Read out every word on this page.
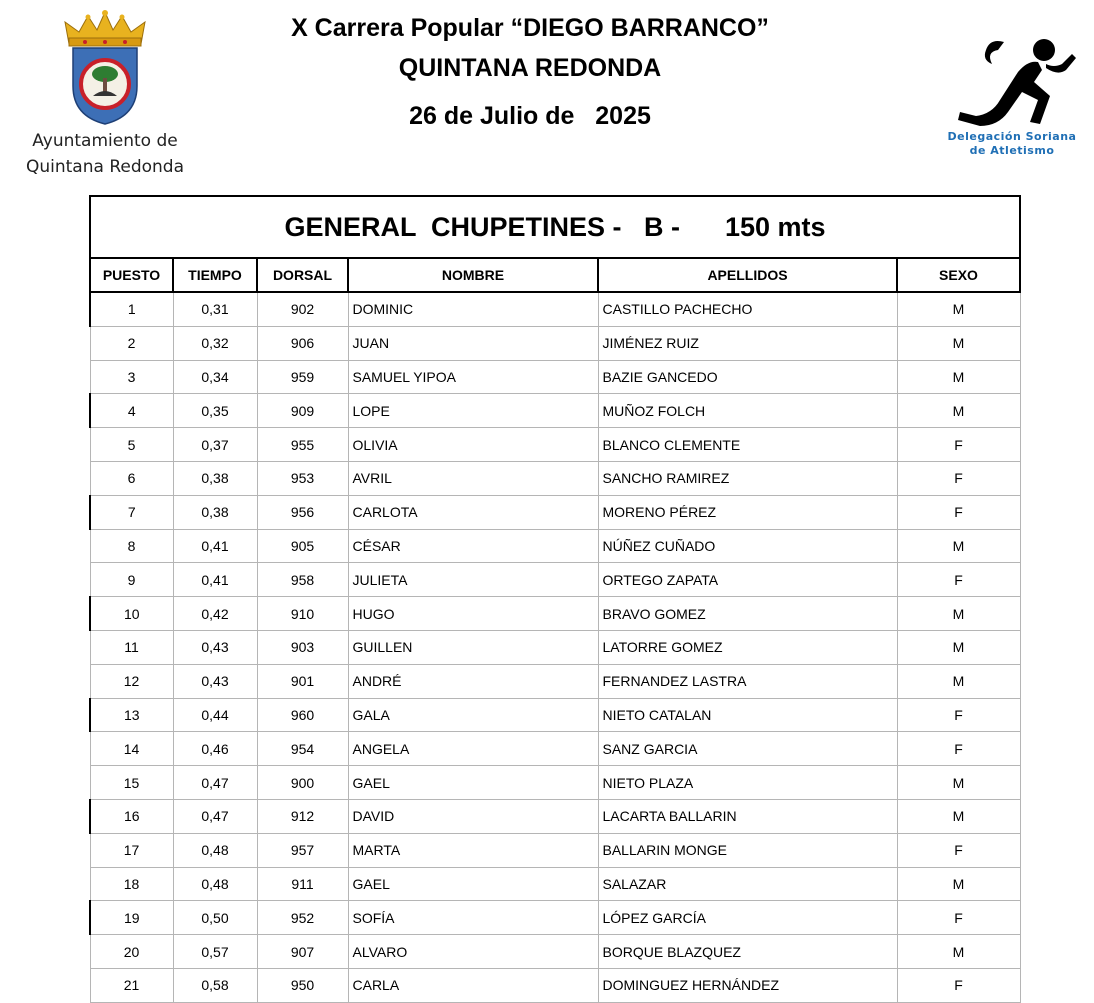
Ayuntamiento de
Quintana Redonda
X Carrera Popular “DIEGO BARRANCO”
QUINTANA REDONDA
26 de Julio de   2025
Delegación Soriana
de Atletismo
GENERAL  CHUPETINES -   B -      150 mts					
PUESTO	TIEMPO	DORSAL	NOMBRE	APELLIDOS	SEXO
1	0,31	902	DOMINIC	CASTILLO PACHECHO	M
2	0,32	906	JUAN	JIMÉNEZ RUIZ	M
3	0,34	959	SAMUEL YIPOA	BAZIE GANCEDO	M
4	0,35	909	LOPE	MUÑOZ FOLCH	M
5	0,37	955	OLIVIA	BLANCO CLEMENTE	F
6	0,38	953	AVRIL	SANCHO RAMIREZ	F
7	0,38	956	CARLOTA	MORENO PÉREZ	F
8	0,41	905	CÉSAR	NÚÑEZ CUÑADO	M
9	0,41	958	JULIETA	ORTEGO ZAPATA	F
10	0,42	910	HUGO	BRAVO GOMEZ	M
11	0,43	903	GUILLEN	LATORRE GOMEZ	M
12	0,43	901	ANDRÉ	FERNANDEZ LASTRA	M
13	0,44	960	GALA	NIETO CATALAN	F
14	0,46	954	ANGELA	SANZ GARCIA	F
15	0,47	900	GAEL	NIETO PLAZA	M
16	0,47	912	DAVID	LACARTA BALLARIN	M
17	0,48	957	MARTA	BALLARIN MONGE	F
18	0,48	911	GAEL	SALAZAR	M
19	0,50	952	SOFÍA	LÓPEZ GARCÍA	F
20	0,57	907	ALVARO	BORQUE BLAZQUEZ	M
21	0,58	950	CARLA	DOMINGUEZ HERNÁNDEZ	F
